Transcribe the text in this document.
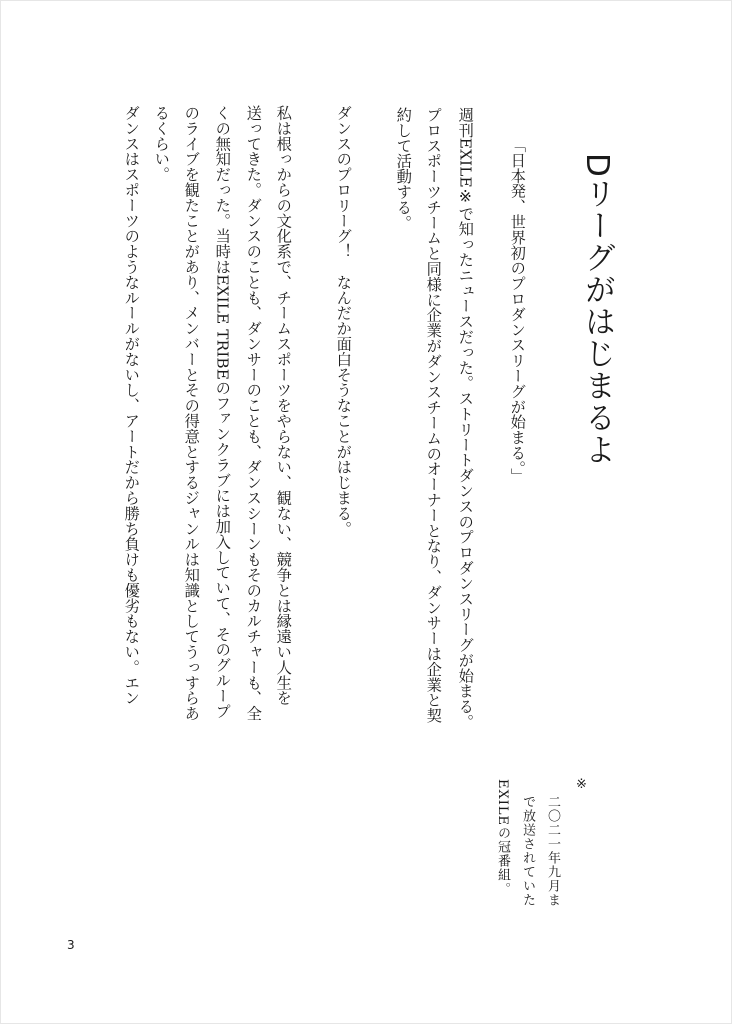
Dリーグがはじまるよ
「日本発、世界初のプロダンスリーグが始まる。」
週刊EXILE※で知ったニュースだった。ストリートダンスのプロダンスリーグが始まる。
プロスポーツチームと同様に企業がダンスチームのオーナーとなり、ダンサーは企業と契
約して活動する。
ダンスのプロリーグ！　なんだか面白そうなことがはじまる。
私は根っからの文化系で、チームスポーツをやらない、観ない、競争とは縁遠い人生を
送ってきた。ダンスのことも、ダンサーのことも、ダンスシーンもそのカルチャーも、全
くの無知だった。当時はEXILE TRIBEのファンクラブには加入していて、そのグループ
のライブを観たことがあり、メンバーとその得意とするジャンルは知識としてうっすらあ
るくらい。
ダンスはスポーツのようなルールがないし、アートだから勝ち負けも優劣もない。エン
※
二〇二一年九月ま
で放送されていた
EXILEの冠番組。
3
